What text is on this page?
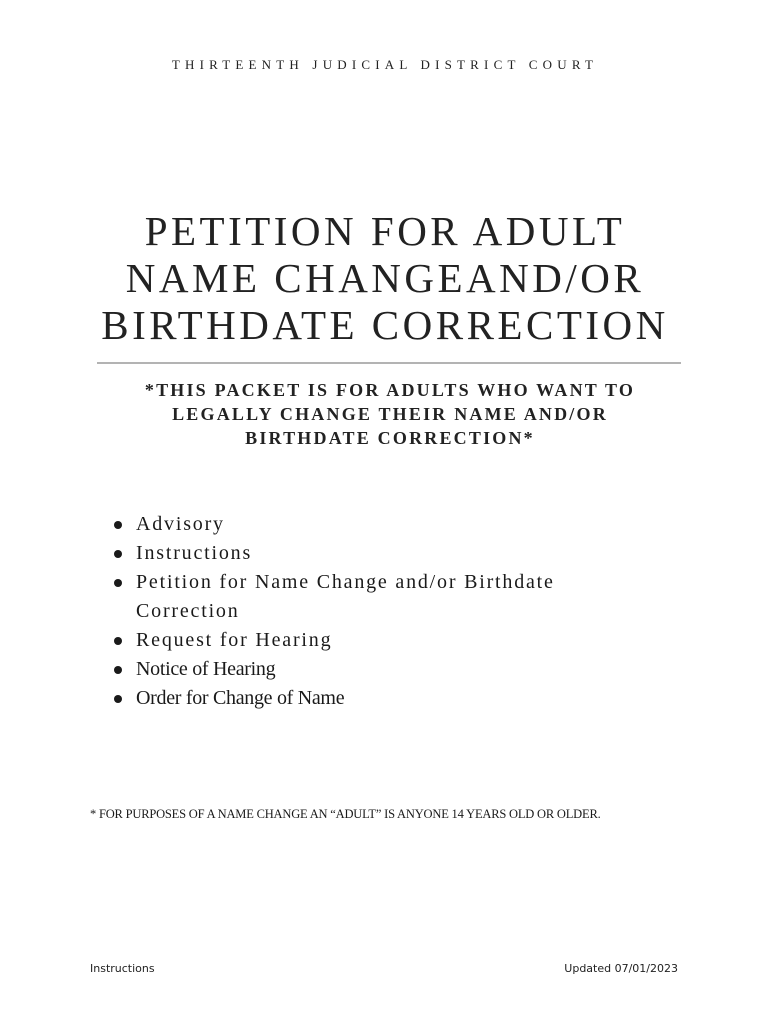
THIRTEENTH JUDICIAL DISTRICT COURT
PETITION FOR ADULT
NAME CHANGEAND/OR
BIRTHDATE CORRECTION
*THIS PACKET IS FOR ADULTS WHO WANT TO
LEGALLY CHANGE THEIR NAME AND/OR
BIRTHDATE CORRECTION*
Advisory
Instructions
Petition for Name Change and/or Birthdate
Correction
Request for Hearing
Notice of Hearing
Order for Change of Name
* FOR PURPOSES OF A NAME CHANGE AN “ADULT” IS ANYONE 14 YEARS OLD OR OLDER.
Instructions	Updated 07/01/2023
